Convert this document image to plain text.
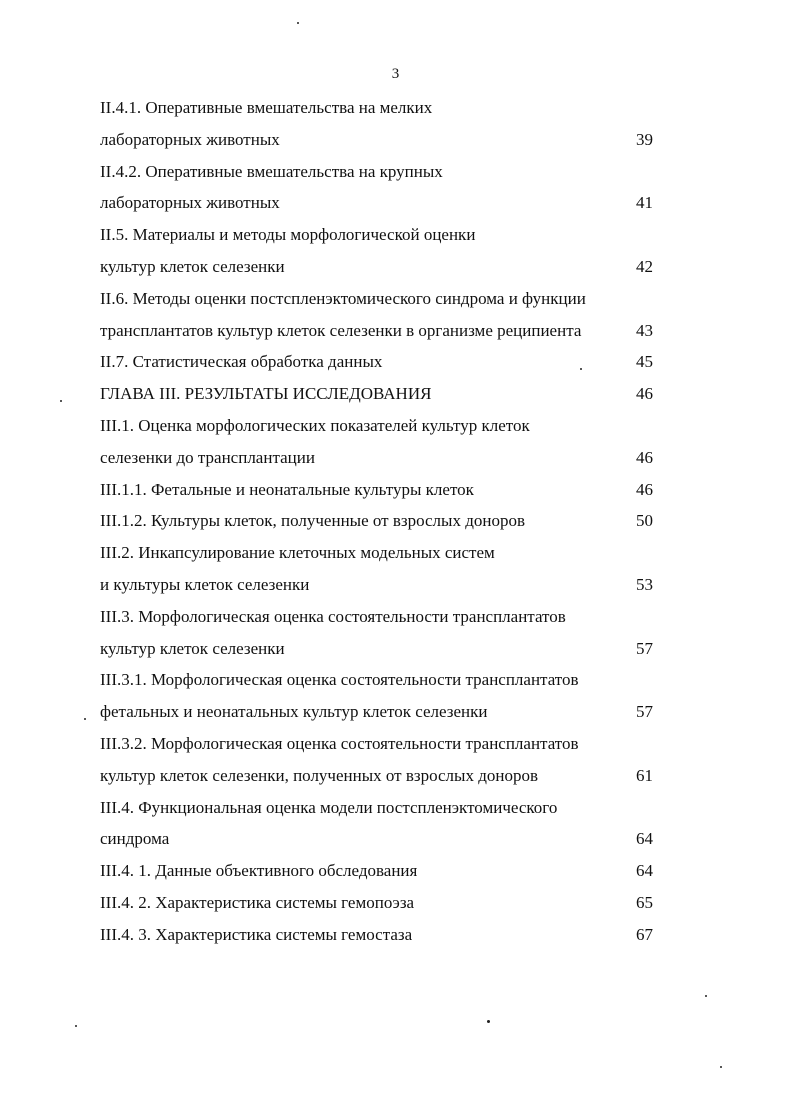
3
II.4.1. Оперативные вмешательства на мелких
лабораторных животных	39
II.4.2. Оперативные вмешательства на крупных
лабораторных животных	41
II.5. Материалы и методы морфологической оценки
культур клеток селезенки	42
II.6. Методы оценки постспленэктомического синдрома и функции
трансплантатов культур клеток селезенки в организме реципиента	43
II.7. Статистическая обработка данных	45
ГЛАВА III. РЕЗУЛЬТАТЫ ИССЛЕДОВАНИЯ	46
III.1. Оценка морфологических показателей культур клеток
селезенки до трансплантации	46
III.1.1. Фетальные и неонатальные культуры клеток	46
III.1.2. Культуры клеток, полученные от взрослых доноров	50
III.2. Инкапсулирование клеточных модельных систем
и культуры клеток селезенки	53
III.3. Морфологическая оценка состоятельности трансплантатов
культур клеток селезенки	57
III.3.1. Морфологическая оценка состоятельности трансплантатов
фетальных и неонатальных культур клеток селезенки	57
III.3.2. Морфологическая оценка состоятельности трансплантатов
культур клеток селезенки, полученных от взрослых доноров	61
III.4. Функциональная оценка модели постспленэктомического
синдрома	64
III.4. 1. Данные объективного обследования	64
III.4. 2. Характеристика системы гемопоэза	65
III.4. 3. Характеристика системы гемостаза	67
